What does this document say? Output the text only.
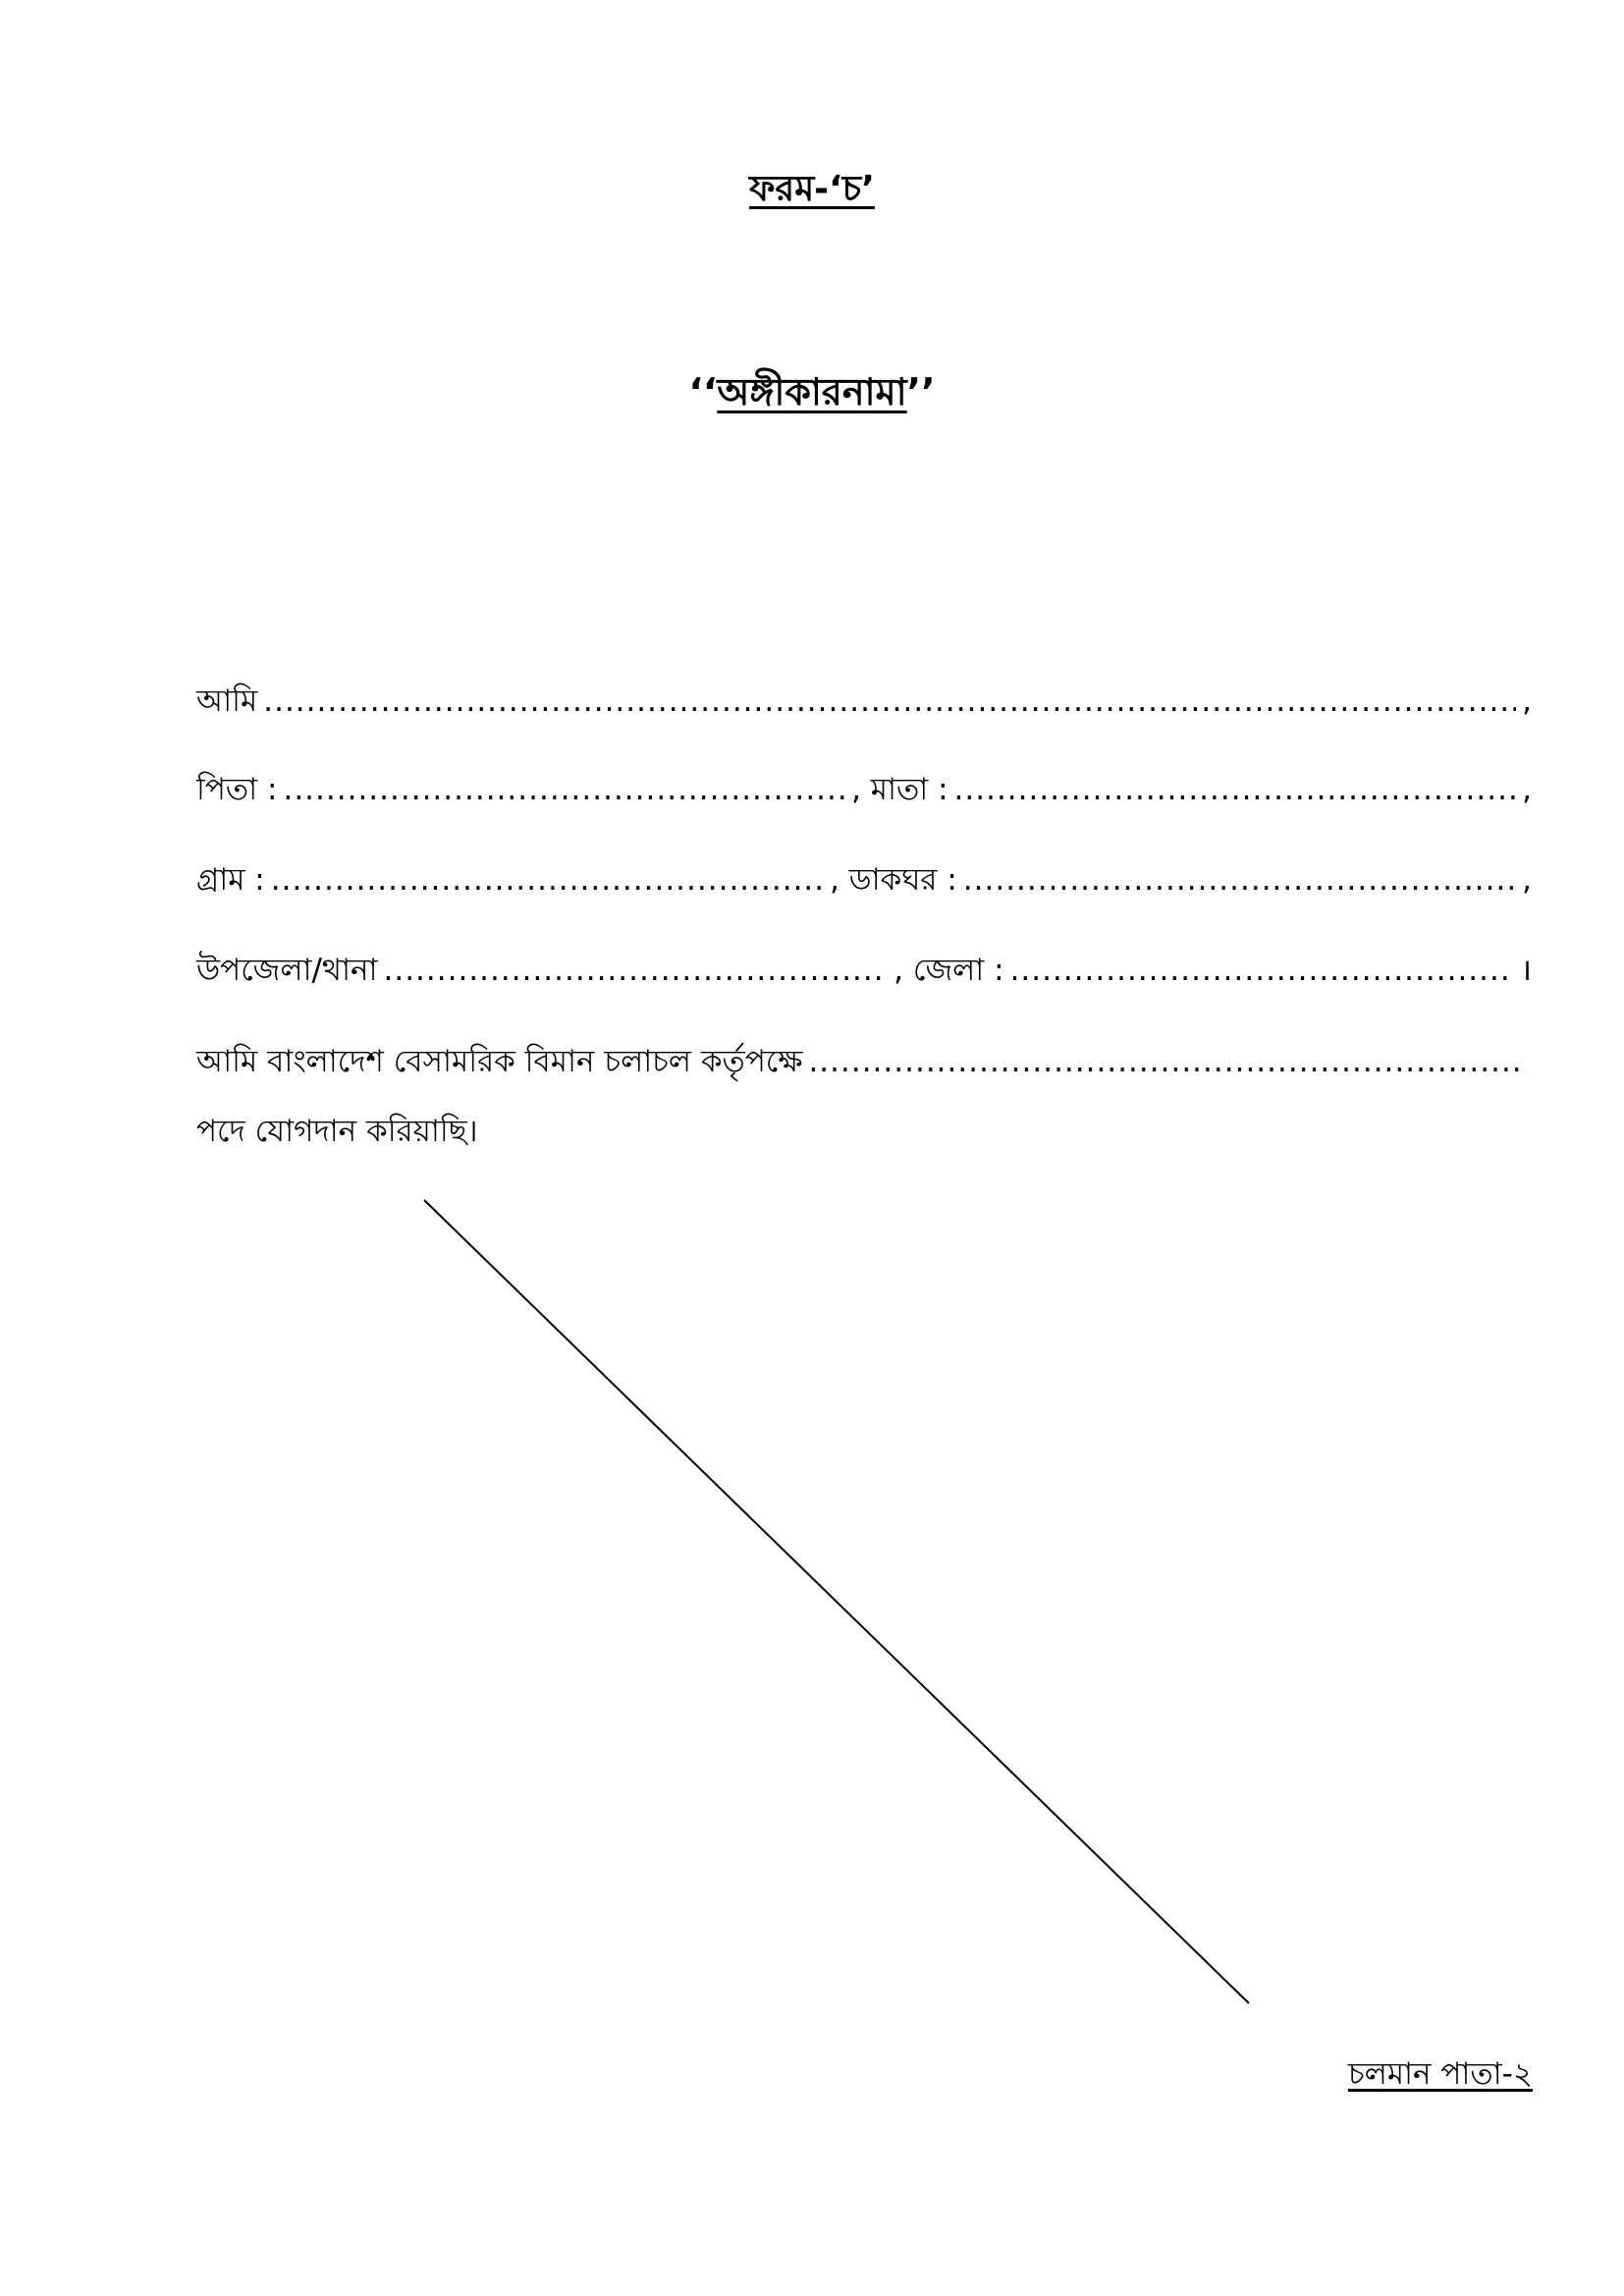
ফরম-‘চ’
‘‘অঙ্গীকারনামা’’
আমি .....	,
পিতা : .....	, মাতা : .....	,
গ্রাম : .....	, ডাকঘর : .....	,
উপজেলা/থানা .....	, জেলা : .....	।
আমি বাংলাদেশ বেসামরিক বিমান চলাচল কর্তৃপক্ষে
.....
পদে যোগদান করিয়াছি।
চলমান পাতা-২
